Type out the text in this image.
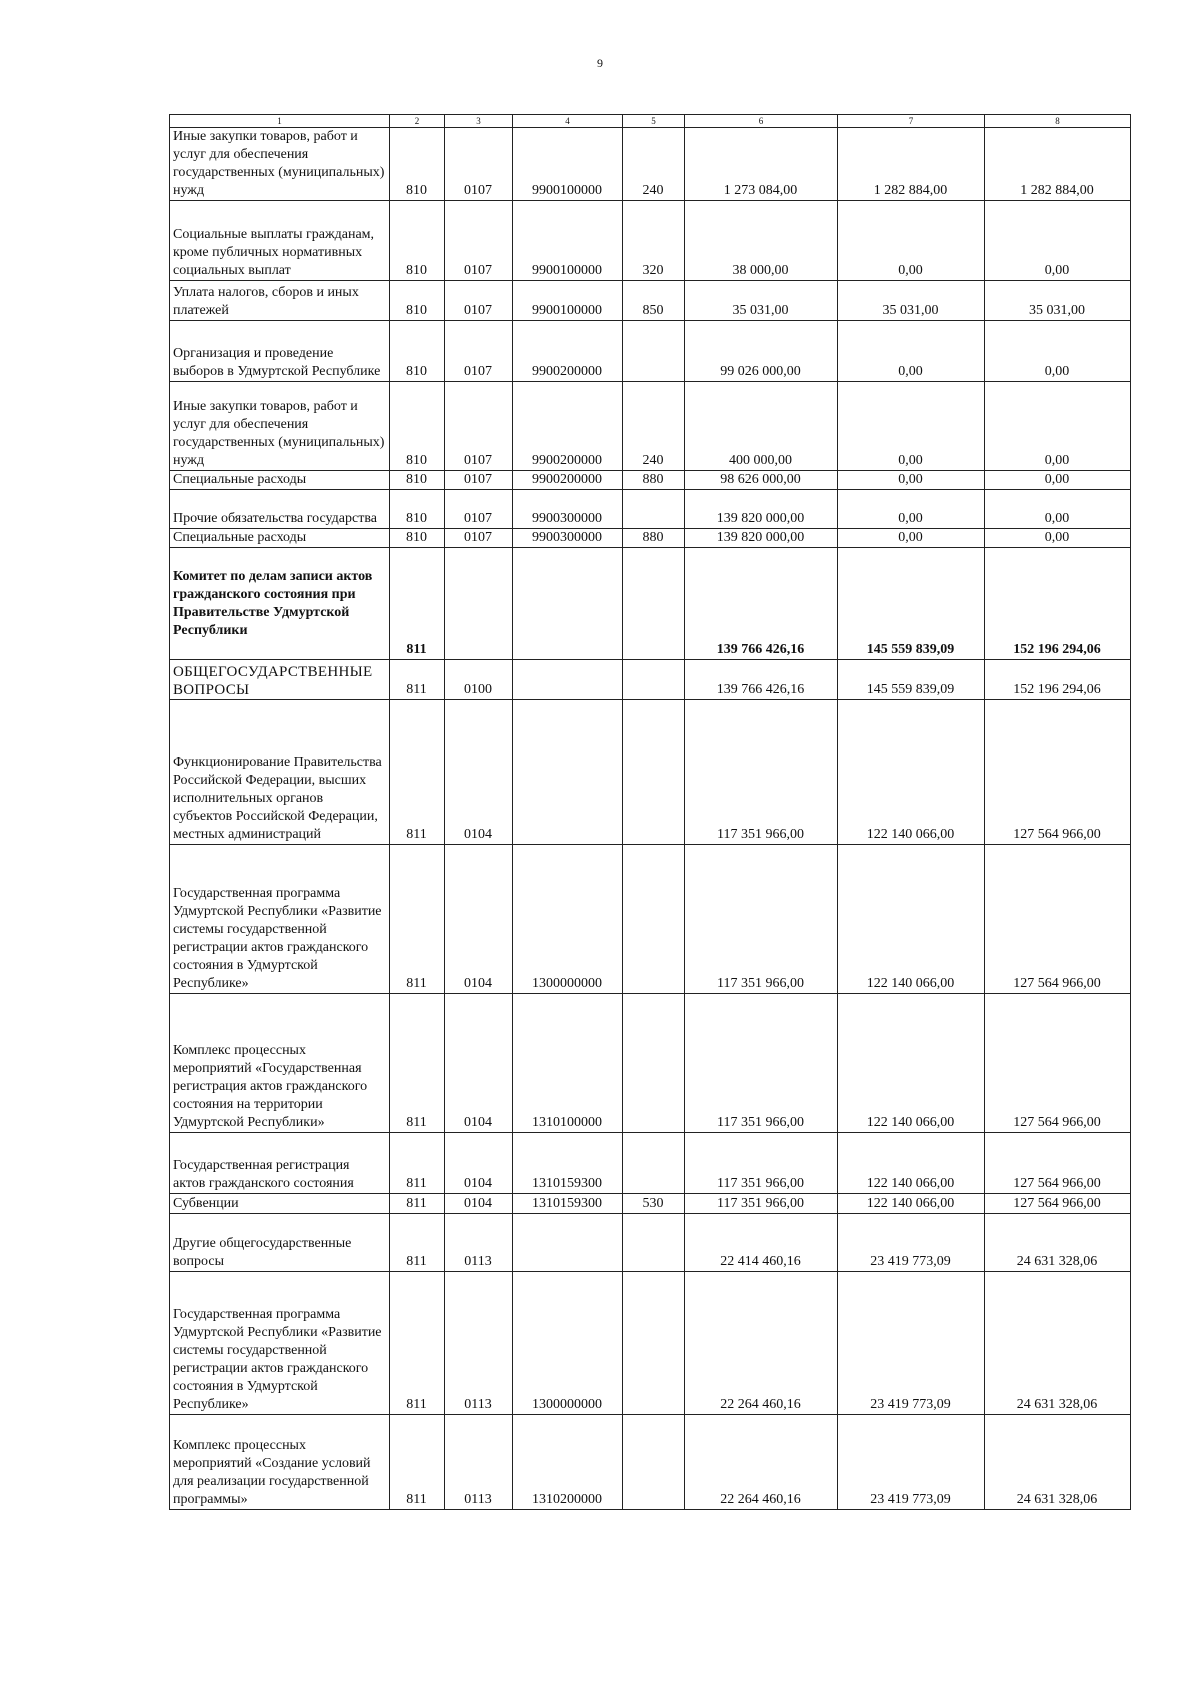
9
1	2	3	4	5	6	7	8
Иные закупки товаров, работ и услуг для обеспечения государственных (муниципальных) нужд	810	0107	9900100000	240	1 273 084,00	1 282 884,00	1 282 884,00
Социальные выплаты гражданам, кроме публичных нормативных социальных выплат	810	0107	9900100000	320	38 000,00	0,00	0,00
Уплата налогов, сборов и иных платежей	810	0107	9900100000	850	35 031,00	35 031,00	35 031,00
Организация и проведение выборов в Удмуртской Республике	810	0107	9900200000		99 026 000,00	0,00	0,00
Иные закупки товаров, работ и услуг для обеспечения государственных (муниципальных) нужд	810	0107	9900200000	240	400 000,00	0,00	0,00
Специальные расходы	810	0107	9900200000	880	98 626 000,00	0,00	0,00
Прочие обязательства государства	810	0107	9900300000		139 820 000,00	0,00	0,00
Специальные расходы	810	0107	9900300000	880	139 820 000,00	0,00	0,00
Комитет по делам записи актов гражданского состояния при Правительстве Удмуртской Республики	811				139 766 426,16	145 559 839,09	152 196 294,06
ОБЩЕГОСУДАРСТВЕННЫЕ ВОПРОСЫ	811	0100			139 766 426,16	145 559 839,09	152 196 294,06
Функционирование Правительства Российской Федерации, высших исполнительных органов субъектов Российской Федерации, местных администраций	811	0104			117 351 966,00	122 140 066,00	127 564 966,00
Государственная программа Удмуртской Республики «Развитие системы государственной регистрации актов гражданского состояния в Удмуртской Республике»	811	0104	1300000000		117 351 966,00	122 140 066,00	127 564 966,00
Комплекс процессных мероприятий «Государственная регистрация актов гражданского состояния на территории Удмуртской Республики»	811	0104	1310100000		117 351 966,00	122 140 066,00	127 564 966,00
Государственная регистрация актов гражданского состояния	811	0104	1310159300		117 351 966,00	122 140 066,00	127 564 966,00
Субвенции	811	0104	1310159300	530	117 351 966,00	122 140 066,00	127 564 966,00
Другие общегосударственные вопросы	811	0113			22 414 460,16	23 419 773,09	24 631 328,06
Государственная программа Удмуртской Республики «Развитие системы государственной регистрации актов гражданского состояния в Удмуртской Республике»	811	0113	1300000000		22 264 460,16	23 419 773,09	24 631 328,06
Комплекс процессных мероприятий «Создание условий для реализации государственной программы»	811	0113	1310200000		22 264 460,16	23 419 773,09	24 631 328,06
